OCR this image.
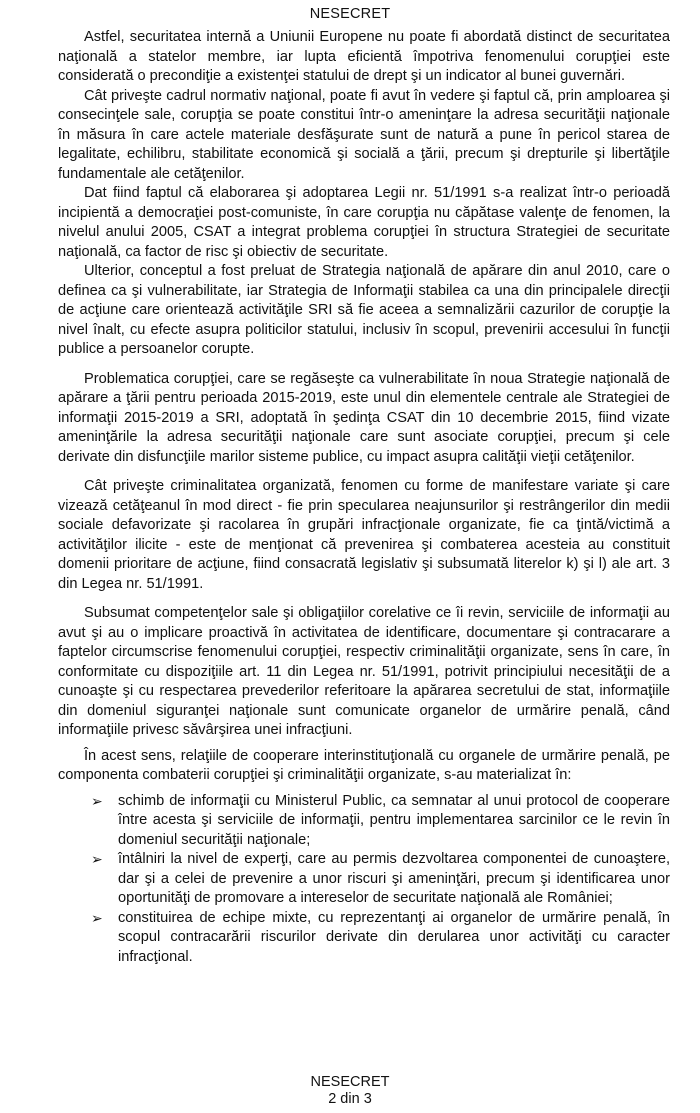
NESECRET

Astfel, securitatea internă a Uniunii Europene nu poate fi abordată distinct de securitatea naţională a statelor membre, iar lupta eficientă împotriva fenomenului corupţiei este considerată o precondiţie a existenţei statului de drept şi un indicator al bunei guvernări.

Cât priveşte cadrul normativ naţional, poate fi avut în vedere şi faptul că, prin amploarea şi consecinţele sale, corupţia se poate constitui într-o ameninţare la adresa securităţii naţionale în măsura în care actele materiale desfăşurate sunt de natură a pune în pericol starea de legalitate, echilibru, stabilitate economică şi socială a ţării, precum şi drepturile şi libertăţile fundamentale ale cetăţenilor.

Dat fiind faptul că elaborarea şi adoptarea Legii nr. 51/1991 s-a realizat într-o perioadă incipientă a democraţiei post-comuniste, în care corupţia nu căpătase valenţe de fenomen, la nivelul anului 2005, CSAT a integrat problema corupţiei în structura Strategiei de securitate naţională, ca factor de risc şi obiectiv de securitate.

Ulterior, conceptul a fost preluat de Strategia naţională de apărare din anul 2010, care o definea ca şi vulnerabilitate, iar Strategia de Informaţii stabilea ca una din principalele direcţii de acţiune care orientează activităţile SRI să fie aceea a semnalizării cazurilor de corupţie la nivel înalt, cu efecte asupra politicilor statului, inclusiv în scopul, prevenirii accesului în funcţii publice a persoanelor corupte.

Problematica corupţiei, care se regăseşte ca vulnerabilitate în noua Strategie naţională de apărare a ţării pentru perioada 2015-2019, este unul din elementele centrale ale Strategiei de informaţii 2015-2019 a SRI, adoptată în şedinţa CSAT din 10 decembrie 2015, fiind vizate ameninţările la adresa securităţii naţionale care sunt asociate corupţiei, precum şi cele derivate din disfuncţiile marilor sisteme publice, cu impact asupra calităţii vieţii cetăţenilor.

Cât priveşte criminalitatea organizată, fenomen cu forme de manifestare variate şi care vizează cetăţeanul în mod direct - fie prin specularea neajunsurilor şi restrângerilor din medii sociale defavorizate şi racolarea în grupări infracţionale organizate, fie ca ţintă/victimă a activităţilor ilicite - este de menţionat că prevenirea şi combaterea acesteia au constituit domenii prioritare de acţiune, fiind consacrată legislativ şi subsumată literelor k) şi l) ale art. 3 din Legea nr. 51/1991.

Subsumat competenţelor sale şi obligaţiilor corelative ce îi revin, serviciile de informaţii au avut şi au o implicare proactivă în activitatea de identificare, documentare şi contracarare a faptelor circumscrise fenomenului corupţiei, respectiv criminalităţii organizate, sens în care, în conformitate cu dispoziţiile art. 11 din Legea nr. 51/1991, potrivit principiului necesităţii de a cunoaşte şi cu respectarea prevederilor referitoare la apărarea secretului de stat, informaţiile din domeniul siguranţei naţionale sunt comunicate organelor de urmărire penală, când informaţiile privesc săvârşirea unei infracţiuni.

În acest sens, relaţiile de cooperare interinstituţională cu organele de urmărire penală, pe componenta combaterii corupţiei şi criminalităţii organizate, s-au materializat în:

➢ schimb de informaţii cu Ministerul Public, ca semnatar al unui protocol de cooperare între acesta şi serviciile de informaţii, pentru implementarea sarcinilor ce le revin în domeniul securităţii naţionale;
➢ întâlniri la nivel de experţi, care au permis dezvoltarea componentei de cunoaştere, dar şi a celei de prevenire a unor riscuri şi ameninţări, precum şi identificarea unor oportunităţi de promovare a intereselor de securitate naţională ale României;
➢ constituirea de echipe mixte, cu reprezentanţi ai organelor de urmărire penală, în scopul contracarării riscurilor derivate din derularea unor activităţi cu caracter infracţional.
NESECRET
2 din 3
